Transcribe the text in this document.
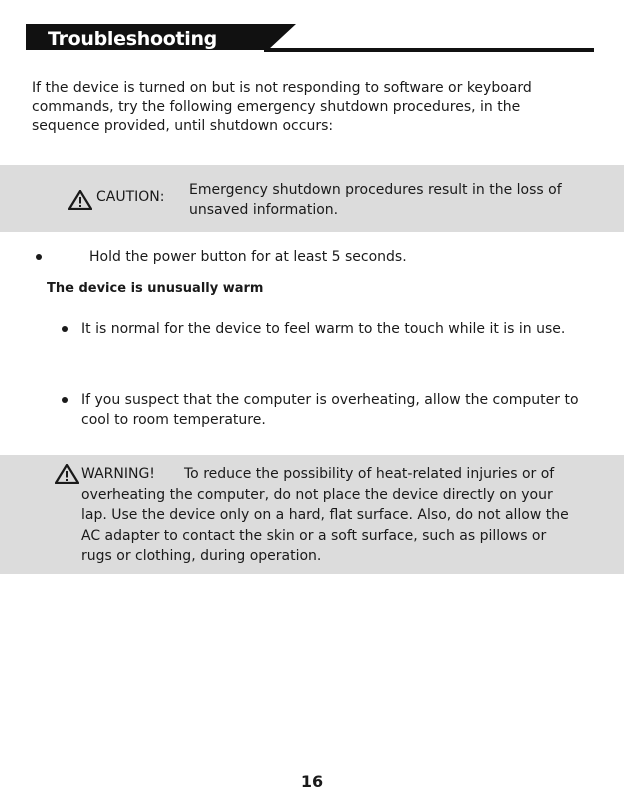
Troubleshooting

If the device is turned on but is not responding to software or keyboard commands, try the following emergency shutdown procedures, in the sequence provided, until shutdown occurs:

CAUTION: Emergency shutdown procedures result in the loss of unsaved information.

Hold the power button for at least 5 seconds.

The device is unusually warm

It is normal for the device to feel warm to the touch while it is in use.

If you suspect that the computer is overheating, allow the computer to cool to room temperature.

WARNING! To reduce the possibility of heat-related injuries or of overheating the computer, do not place the device directly on your lap. Use the device only on a hard, flat surface. Also, do not allow the AC adapter to contact the skin or a soft surface, such as pillows or rugs or clothing, during operation.

16
